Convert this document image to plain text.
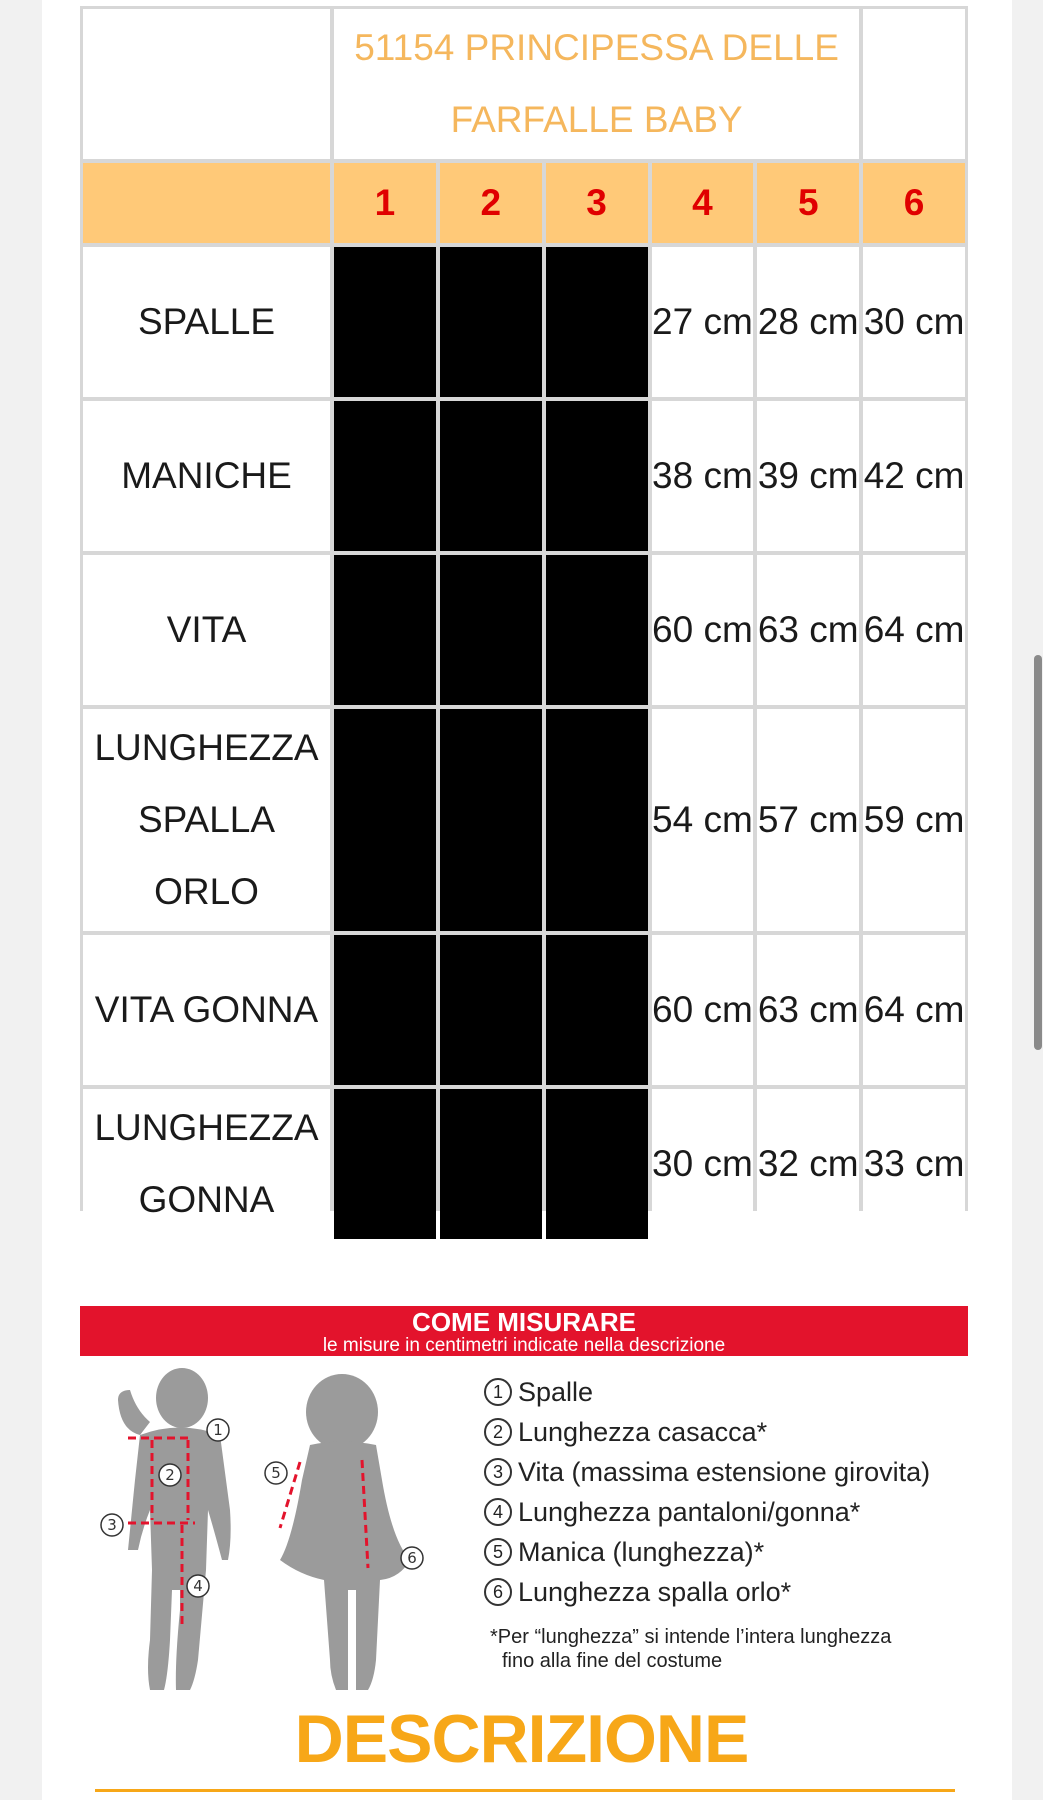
51154 PRINCIPESSA DELLE FARFALLE BABY
1	2	3	4	5	6
SPALLE	27 cm 28 cm 30 cm
MANICHE	38 cm 39 cm 42 cm
VITA	60 cm 63 cm 64 cm
LUNGHEZZA SPALLA ORLO
54 cm 57 cm 59 cm
VITA GONNA	60 cm 63 cm 64 cm
LUNGHEZZA GONNA
30 cm 32 cm 33 cm
COME MISURARE
le misure in centimetri indicate nella descrizione
1
2
3
4
5
6
1 Spalle
2 Lunghezza casacca*
3 Vita (massima estensione girovita)
4 Lunghezza pantaloni/gonna*
5 Manica (lunghezza)*
6 Lunghezza spalla orlo*
*Per “lunghezza” si intende l’intera lunghezza
fino alla fine del costume
DESCRIZIONE
